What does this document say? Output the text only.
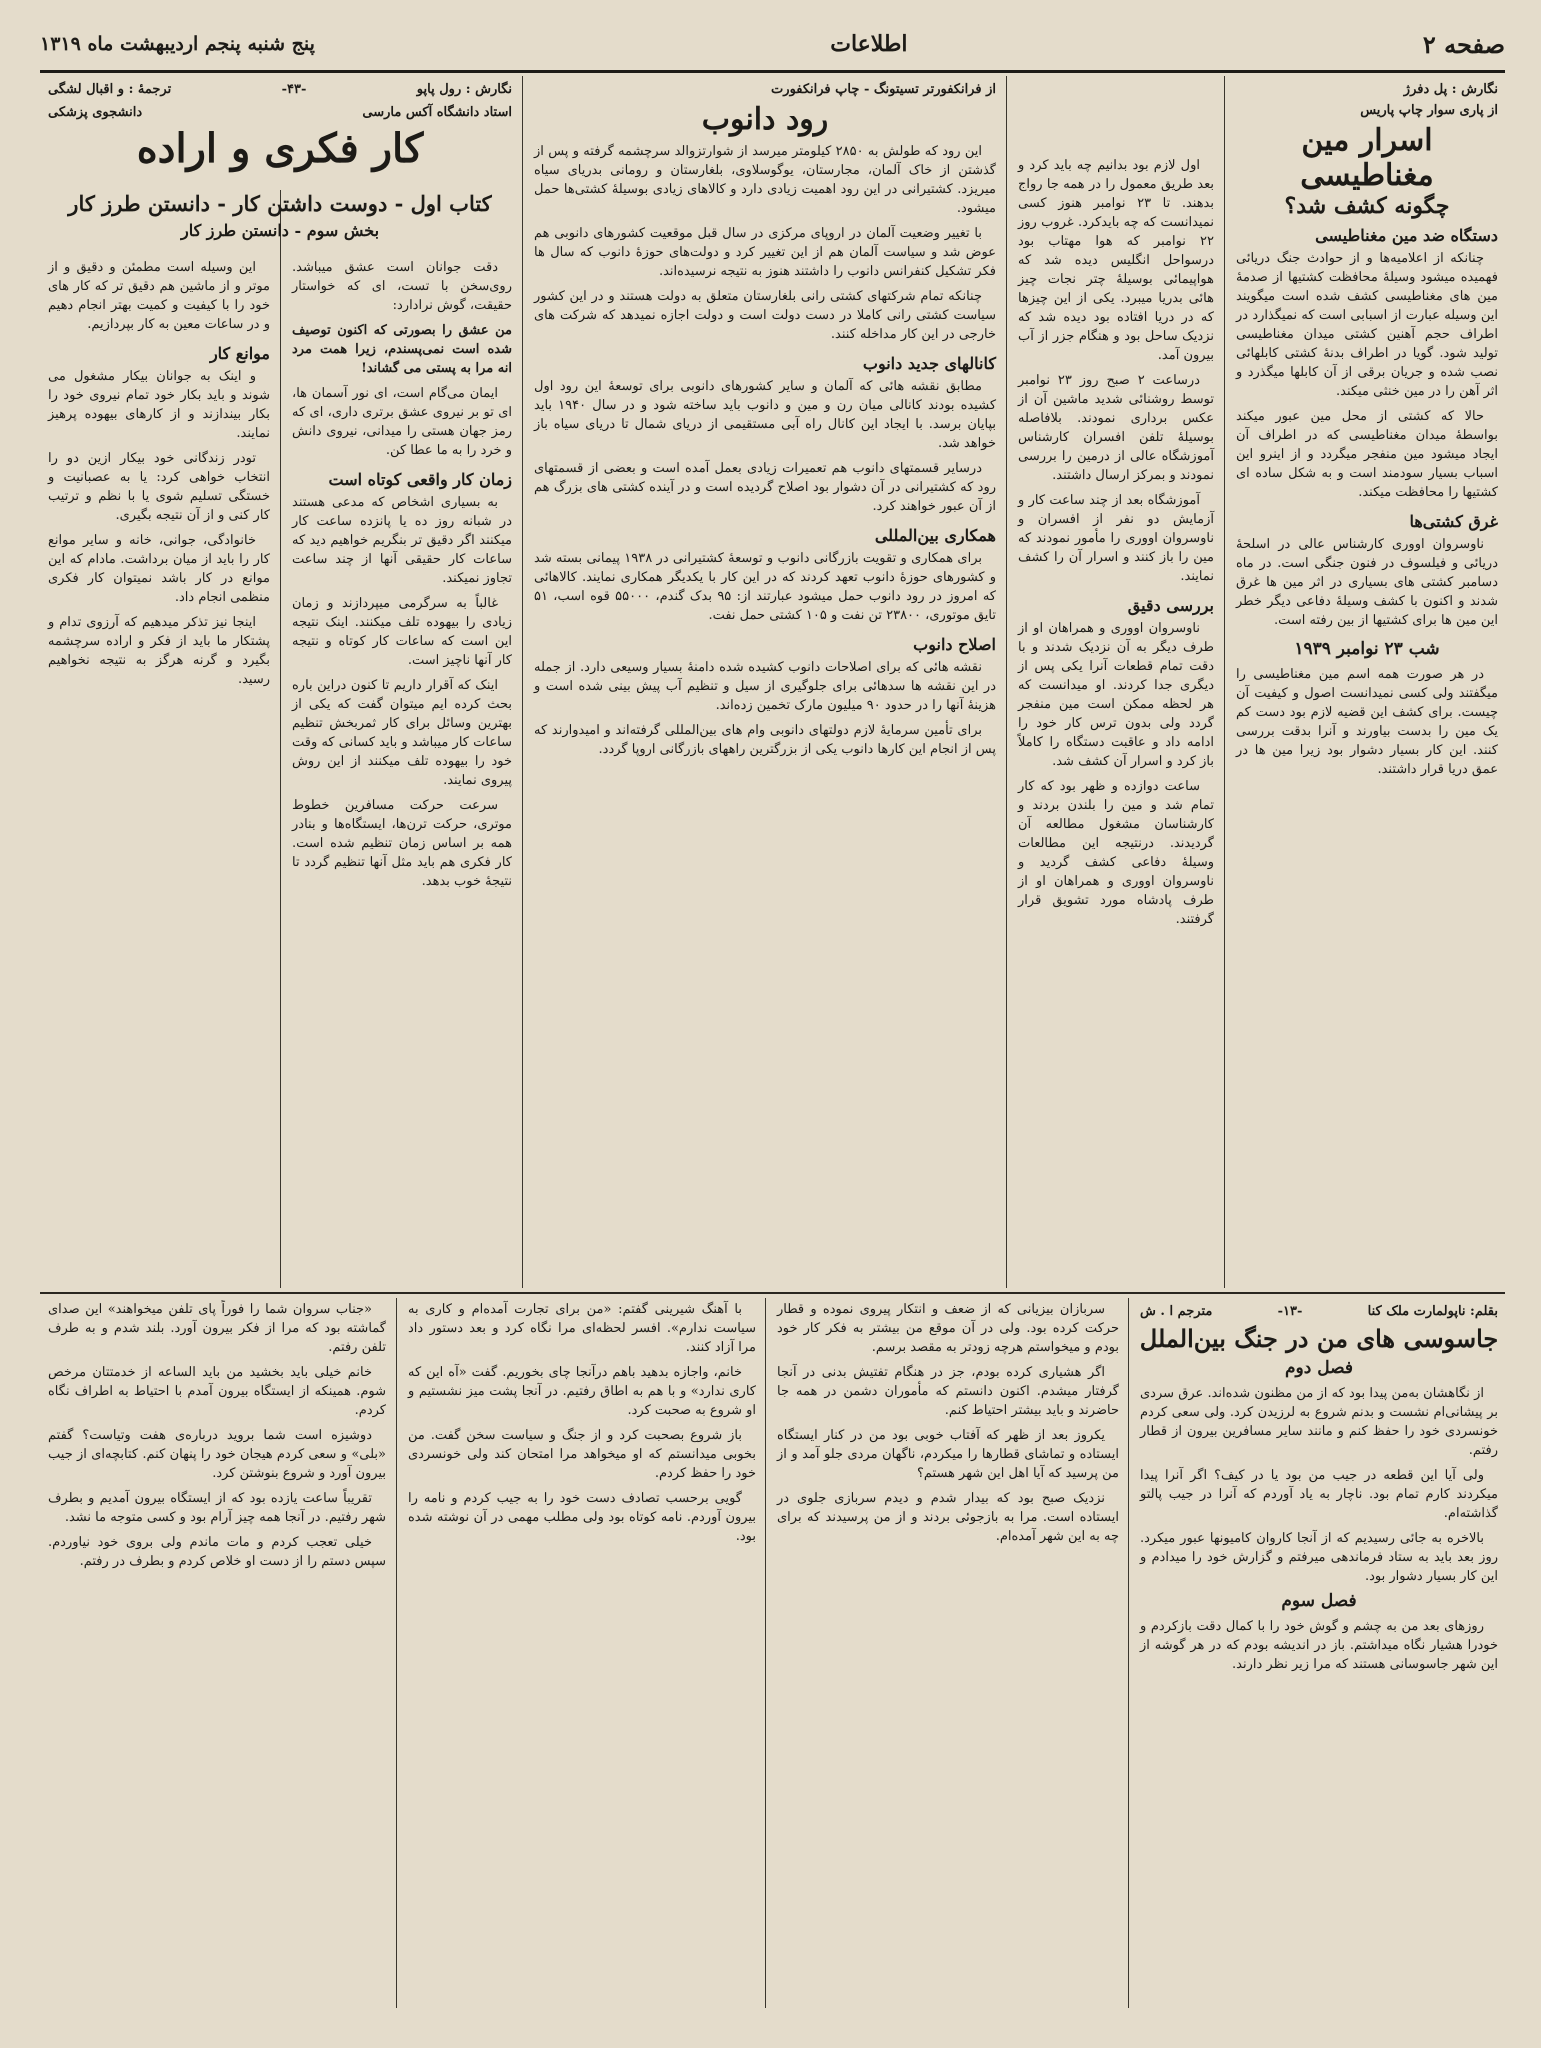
صفحه ۲
اطلاعات
پنج شنبه پنجم اردیبهشت ماه ۱۳۱۹
نگارش : پل دفرژ
از پاری سوار چاپ پاریس
اسرار مین مغناطیسی
چگونه کشف شد؟
دستگاه ضد مین مغناطیسی

چنانکه از اعلامیه‌ها و از حوادث جنگ دریائی فهمیده میشود وسیلهٔ محافظت کشتیها از صدمهٔ مین های مغناطیسی کشف شده است میگویند این وسیله عبارت از اسبابی است که نمیگذارد در اطراف حجم آهنین کشتی میدان مغناطیسی تولید شود. گویا در اطراف بدنهٔ کشتی کابلهائی نصب شده و جریان برقی از آن کابلها میگذرد و اثر آهن را در مین خنثی میکند.

حالا که کشتی از محل مین عبور میکند بواسطهٔ میدان مغناطیسی که در اطراف آن ایجاد میشود مین منفجر میگردد و از اینرو این اسباب بسیار سودمند است و به شکل ساده ای کشتیها را محافظت میکند.

غرق کشتی‌ها

ناوسروان اوورى کارشناس عالی در اسلحهٔ دریائی و فیلسوف در فنون جنگی است. در ماه دسامبر کشتی های بسیاری در اثر مین ها غرق شدند و اکنون با کشف وسیلهٔ دفاعی دیگر خطر این مین ها برای کشتیها از بین رفته است.

شب ۲۳ نوامبر ۱۹۳۹

در هر صورت همه اسم مین مغناطیسی را میگفتند ولی کسی نمیدانست اصول و کیفیت آن چیست. برای کشف این قضیه لازم بود دست کم یک مین را بدست بیاورند و آنرا بدقت بررسی کنند. این کار بسیار دشوار بود زیرا مین ها در عمق دریا قرار داشتند.

اول لازم بود بدانیم چه باید کرد و بعد طریق معمول را در همه جا رواج بدهند. تا ۲۳ نوامبر هنوز کسی نمیدانست که چه بایدکرد. غروب روز ۲۲ نوامبر که هوا مهتاب بود درسواحل انگلیس دیده شد که هواپیمائی بوسیلهٔ چتر نجات چیز هائی بدریا میبرد. یکی از این چیزها که در دریا افتاده بود دیده شد که نزدیک ساحل بود و هنگام جزر از آب بیرون آمد.

درساعت ۲ صبح روز ۲۳ نوامبر توسط روشنائی شدید ماشین آن از عکس برداری نمودند. بلافاصله بوسیلهٔ تلفن افسران کارشناس آموزشگاه عالی از درمین را بررسی نمودند و بمرکز ارسال داشتند.

آموزشگاه بعد از چند ساعت کار و آزمایش دو نفر از افسران و ناوسروان اوورى را مأمور نمودند که مین را باز کنند و اسرار آن را کشف نمایند.

بررسی دقیق

ناوسروان اوورى و همراهان او از طرف دیگر به آن نزدیک شدند و با دقت تمام قطعات آنرا یکی پس از دیگری جدا کردند. او میدانست که هر لحظه ممکن است مین منفجر گردد ولی بدون ترس کار خود را ادامه داد و عاقبت دستگاه را کاملاً باز کرد و اسرار آن کشف شد.

ساعت دوازده و ظهر بود که کار تمام شد و مین را بلندن بردند و کارشناسان مشغول مطالعه آن گردیدند. درنتیجه این مطالعات وسیلهٔ دفاعی کشف گردید و ناوسروان اوورى و همراهان او از طرف پادشاه مورد تشویق قرار گرفتند.

از فرانکفورتر تسیتونگ - چاپ فرانکفورت
رود دانوب

این رود که طولش به ۲۸۵۰ کیلومتر میرسد از شوارتزوالد سرچشمه گرفته و پس از گذشتن از خاک آلمان، مجارستان، یوگوسلاوی، بلغارستان و رومانی بدریای سیاه میریزد. کشتیرانی در این رود اهمیت زیادی دارد و کالاهای زیادی بوسیلهٔ کشتی‌ها حمل میشود.

با تغییر وضعیت آلمان در اروپای مرکزی در سال قبل موقعیت کشورهای دانوبی هم عوض شد و سیاست آلمان هم از این تغییر کرد و دولت‌های حوزهٔ دانوب که سال ها فکر تشکیل کنفرانس دانوب را داشتند هنوز به نتیجه نرسیده‌اند.

چنانکه تمام شرکتهای کشتی رانی بلغارستان متعلق به دولت هستند و در این کشور سیاست کشتی رانی کاملا در دست دولت است و دولت اجازه نمیدهد که شرکت های خارجی در این کار مداخله کنند.

کانالهای جدید دانوب

مطابق نقشه هائی که آلمان و سایر کشورهای دانوبی برای توسعهٔ این رود اول کشیده بودند کانالی میان رن و مین و دانوب باید ساخته شود و در سال ۱۹۴۰ باید بپایان برسد. با ایجاد این کانال راه آبی مستقیمی از دریای شمال تا دریای سیاه باز خواهد شد.

درسایر قسمتهای دانوب هم تعمیرات زیادی بعمل آمده است و بعضی از قسمتهای رود که کشتیرانی در آن دشوار بود اصلاح گردیده است و در آینده کشتی های بزرگ هم از آن عبور خواهند کرد.

همکاری بین‌المللی

برای همکاری و تقویت بازرگانی دانوب و توسعهٔ کشتیرانی در ۱۹۳۸ پیمانی بسته شد و کشورهای حوزهٔ دانوب تعهد کردند که در این کار با یکدیگر همکاری نمایند. کالاهائی که امروز در رود دانوب حمل میشود عبارتند از: ۹۵ بدک گندم، ۵۵۰۰۰ قوه اسب، ۵۱ تایق موتوری، ۲۳۸۰۰ تن نفت و ۱۰۵ کشتی حمل نفت.

اصلاح دانوب

نقشه هائی که برای اصلاحات دانوب کشیده شده دامنهٔ بسیار وسیعی دارد. از جمله در این نقشه ها سدهائی برای جلوگیری از سیل و تنظیم آب پیش بینی شده است و هزینهٔ آنها را در حدود ۹۰ میلیون مارک تخمین زده‌اند.

برای تأمین سرمایهٔ لازم دولتهای دانوبی وام های بین‌المللی گرفته‌اند و امیدوارند که پس از انجام این کارها دانوب یکی از بزرگترین راههای بازرگانی اروپا گردد.

نگارش : رول پاپو
-۴۳-
ترجمهٔ : و اقبال لشگی
استاد دانشگاه آکس مارسی
دانشجوی پزشکی
کار فکری و اراده
کتاب اول - دوست داشتن کار - دانستن طرز کار
بخش سوم - دانستن طرز کار

دقت جوانان است عشق میباشد. روی‌سخن با تست، ای که خواستار حقیقت، گوش نرادارد:

من عشق را بصورتی که اکنون توصیف شده است نمی‌پسندم، زیرا همت مرد انه مرا به پستی می گشاند!

ایمان می‌گام است، ای نور آسمان ها، ای تو بر نیروی عشق برتری داری، ای که رمز جهان هستی را میدانی، نیروی دانش و خرد را به ما عطا کن.

زمان کار واقعی کوتاه است

به بسیاری اشخاص که مدعی هستند در شبانه روز ده یا پانزده ساعت کار میکنند اگر دقیق تر بنگریم خواهیم دید که ساعات کار حقیقی آنها از چند ساعت تجاوز نمیکند.

غالباً به سرگرمی میپردازند و زمان زیادی را بیهوده تلف میکنند. اینک نتیجه این است که ساعات کار کوتاه و نتیجه کار آنها ناچیز است.

اینک که آقرار داریم تا کنون دراین باره بحث کرده ایم میتوان گفت که یکی از بهترین وسائل برای کار ثمربخش تنظیم ساعات کار میباشد و باید کسانی که وقت خود را بیهوده تلف میکنند از این روش پیروی نمایند.

سرعت حرکت مسافرین خطوط موتری، حرکت ترن‌ها، ایستگاه‌ها و بنادر همه بر اساس زمان تنظیم شده است. کار فکری هم باید مثل آنها تنظیم گردد تا نتیجهٔ خوب بدهد.

این وسیله است مطمئن و دقیق و از موتر و از ماشین هم دقیق تر که کار های خود را با کیفیت و کمیت بهتر انجام دهیم و در ساعات معین به کار بپردازیم.

موانع کار

و اینک به جوانان بیکار مشغول می شوند و باید بکار خود تمام نیروی خود را بکار بیندازند و از کارهای بیهوده پرهیز نمایند.

تودر زندگانی خود بیکار ازین دو را انتخاب خواهی کرد: یا به عصبانیت و خستگی تسلیم شوی یا با نظم و ترتیب کار کنی و از آن نتیجه بگیری.

خانوادگی، جوانی، خانه و سایر موانع کار را باید از میان برداشت. مادام که این موانع در کار باشد نمیتوان کار فکری منظمی انجام داد.

اینجا نیز تذکر میدهیم که آرزوی تدام و پشتکار ما باید از فکر و اراده سرچشمه بگیرد و گرنه هرگز به نتیجه نخواهیم رسید.

بقلم: ناپولمارت ملک کنا
-۱۳-
مترجم ا . ش
جاسوسی های من در جنگ بین‌الملل
فصل دوم

از نگاهشان به‌من پیدا بود که از من مظنون شده‌اند. عرق سردی بر پیشانی‌ام نشست و بدنم شروع به لرزیدن کرد. ولی سعی کردم خونسردی خود را حفظ کنم و مانند سایر مسافرین بیرون از قطار رفتم.

ولی آیا این قطعه در جیب من بود یا در کیف؟ اگر آنرا پیدا میکردند کارم تمام بود. ناچار به یاد آوردم که آنرا در جیب پالتو گذاشته‌ام.

بالاخره به جائی رسیدیم که از آنجا کاروان کامیونها عبور میکرد. روز بعد باید به ستاد فرماندهی میرفتم و گزارش خود را میدادم و این کار بسیار دشوار بود.

فصل سوم

روزهای بعد من به چشم و گوش خود را با کمال دقت بازکردم و خودرا هشیار نگاه میداشتم. باز در اندیشه بودم که در هر گوشه از این شهر جاسوسانی هستند که مرا زیر نظر دارند.

سربازان بیزیانی که از ضعف و انتکار پیروی نموده و قطار حرکت کرده بود. ولی در آن موقع من بیشتر به فکر کار خود بودم و میخواستم هرچه زودتر به مقصد برسم.

اگر هشیاری کرده بودم، جز در هنگام تفتیش بدنی در آنجا گرفتار میشدم. اکنون دانستم که مأموران دشمن در همه جا حاضرند و باید بیشتر احتیاط کنم.

یکروز بعد از ظهر که آفتاب خوبی بود من در کنار ایستگاه ایستاده و تماشای قطارها را میکردم، ناگهان مردی جلو آمد و از من پرسید که آیا اهل این شهر هستم؟

نزدیک صبح بود که بیدار شدم و دیدم سربازی جلوی در ایستاده است. مرا به بازجوئی بردند و از من پرسیدند که برای چه به این شهر آمده‌ام.

با آهنگ شیرینی گفتم: «من برای تجارت آمده‌ام و کاری به سیاست ندارم». افسر لحظه‌ای مرا نگاه کرد و بعد دستور داد مرا آزاد کنند.

خانم، واجازه بدهید باهم درآنجا چای بخوریم. گفت «آه این که کاری ندارد» و با هم به اطاق رفتیم. در آنجا پشت میز نشستیم و او شروع به صحبت کرد.

باز شروع بصحبت کرد و از جنگ و سیاست سخن گفت. من بخوبی میدانستم که او میخواهد مرا امتحان کند ولی خونسردی خود را حفظ کردم.

گویی برحسب تصادف دست خود را به جیب کردم و نامه را بیرون آوردم. نامه کوتاه بود ولی مطلب مهمی در آن نوشته شده بود.

«جناب سروان شما را فوراً پای تلفن میخواهند» این صدای گماشته بود که مرا از فکر بیرون آورد. بلند شدم و به طرف تلفن رفتم.

خانم خیلی باید بخشید من باید الساعه از خدمتتان مرخص شوم. همینکه از ایستگاه بیرون آمدم با احتیاط به اطراف نگاه کردم.

دوشیزه است شما بروید درباره‌ی هفت وتیاست؟ گفتم «بلی» و سعی کردم هیجان خود را پنهان کنم. کتابچه‌ای از جیب بیرون آورد و شروع بنوشتن کرد.

تقریباً ساعت یازده بود که از ایستگاه بیرون آمدیم و بطرف شهر رفتیم. در آنجا همه چیز آرام بود و کسی متوجه ما نشد.

خیلی تعجب کردم و مات ماندم ولی بروی خود نیاوردم. سپس دستم را از دست او خلاص کردم و بطرف در رفتم.
